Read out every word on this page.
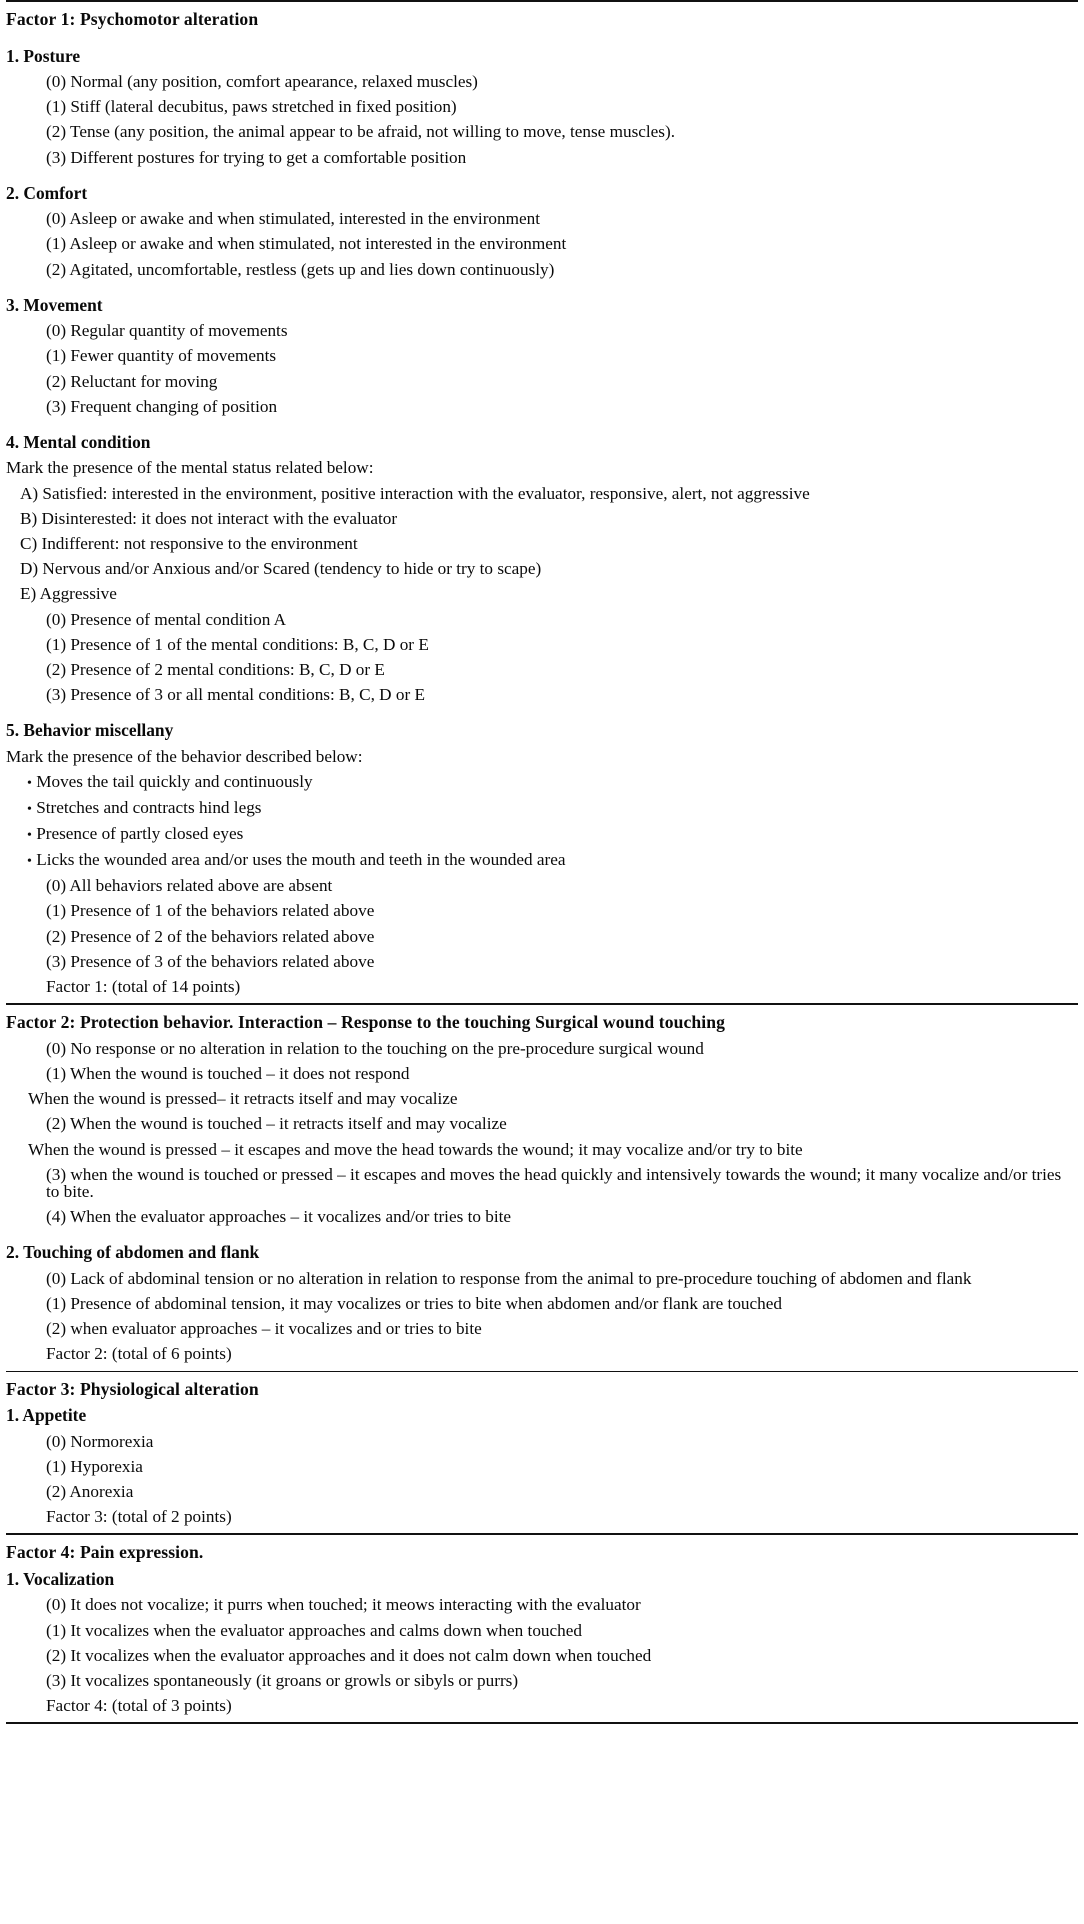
Factor 1: Psychomotor alteration
1. Posture
(0) Normal (any position, comfort apearance, relaxed muscles)
(1) Stiff (lateral decubitus, paws stretched in fixed position)
(2) Tense (any position, the animal appear to be afraid, not willing to move, tense muscles).
(3) Different postures for trying to get a comfortable position
2. Comfort
(0) Asleep or awake and when stimulated, interested in the environment
(1) Asleep or awake and when stimulated, not interested in the environment
(2) Agitated, uncomfortable, restless (gets up and lies down continuously)
3. Movement
(0) Regular quantity of movements
(1) Fewer quantity of movements
(2) Reluctant for moving
(3) Frequent changing of position
4. Mental condition
Mark the presence of the mental status related below:
A) Satisfied: interested in the environment, positive interaction with the evaluator, responsive, alert, not aggressive
B) Disinterested: it does not interact with the evaluator
C) Indifferent: not responsive to the environment
D) Nervous and/or Anxious and/or Scared (tendency to hide or try to scape)
E) Aggressive
(0) Presence of mental condition A
(1) Presence of 1 of the mental conditions: B, C, D or E
(2) Presence of 2 mental conditions: B, C, D or E
(3) Presence of 3 or all mental conditions: B, C, D or E
5. Behavior miscellany
Mark the presence of the behavior described below:
• Moves the tail quickly and continuously
• Stretches and contracts hind legs
• Presence of partly closed eyes
• Licks the wounded area and/or uses the mouth and teeth in the wounded area
(0) All behaviors related above are absent
(1) Presence of 1 of the behaviors related above
(2) Presence of 2 of the behaviors related above
(3) Presence of 3 of the behaviors related above
Factor 1: (total of 14 points)
Factor 2: Protection behavior. Interaction – Response to the touching Surgical wound touching
(0) No response or no alteration in relation to the touching on the pre-procedure surgical wound
(1) When the wound is touched – it does not respond
When the wound is pressed– it retracts itself and may vocalize
(2) When the wound is touched – it retracts itself and may vocalize
When the wound is pressed – it escapes and move the head towards the wound; it may vocalize and/or try to bite
(3) when the wound is touched or pressed – it escapes and moves the head quickly and intensively towards the wound; it many vocalize and/or tries to bite.
(4) When the evaluator approaches – it vocalizes and/or tries to bite
2. Touching of abdomen and flank
(0) Lack of abdominal tension or no alteration in relation to response from the animal to pre-procedure touching of abdomen and flank
(1) Presence of abdominal tension, it may vocalizes or tries to bite when abdomen and/or flank are touched
(2) when evaluator approaches – it vocalizes and or tries to bite
Factor 2: (total of 6 points)
Factor 3: Physiological alteration
1. Appetite
(0) Normorexia
(1) Hyporexia
(2) Anorexia
Factor 3: (total of 2 points)
Factor 4: Pain expression.
1. Vocalization
(0) It does not vocalize; it purrs when touched; it meows interacting with the evaluator
(1) It vocalizes when the evaluator approaches and calms down when touched
(2) It vocalizes when the evaluator approaches and it does not calm down when touched
(3) It vocalizes spontaneously (it groans or growls or sibyls or purrs)
Factor 4: (total of 3 points)
